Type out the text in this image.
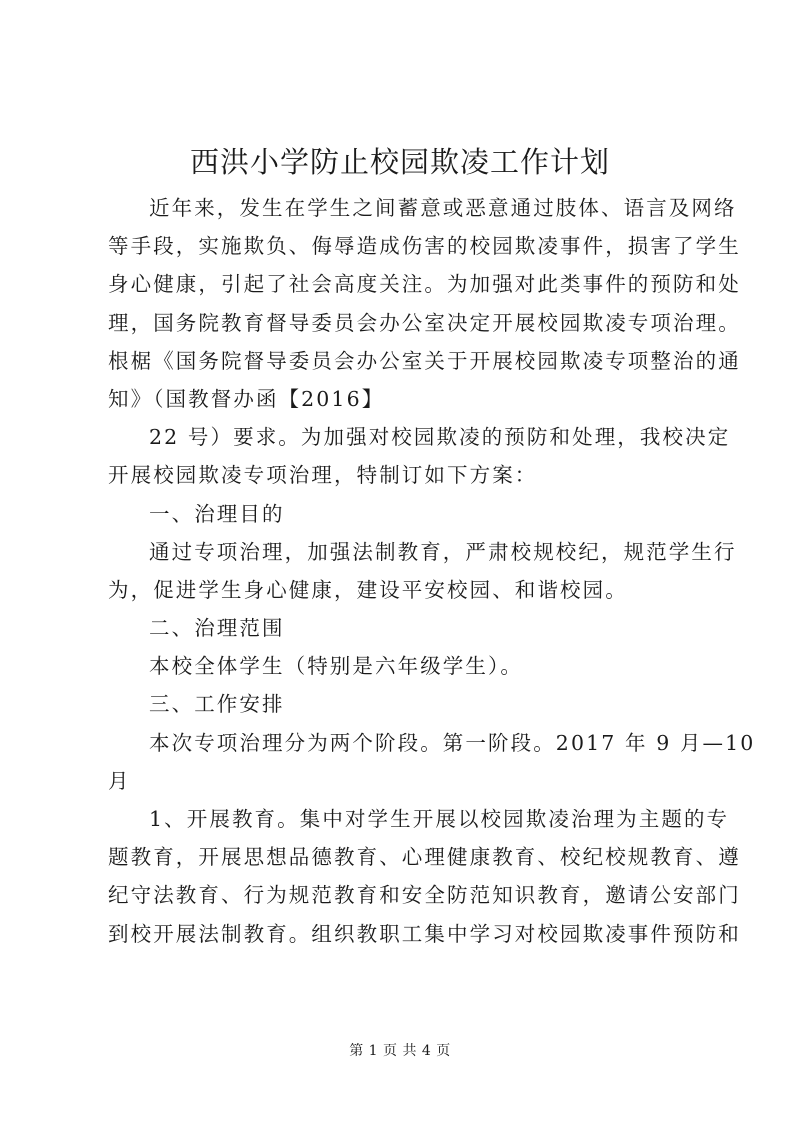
西洪小学防止校园欺凌工作计划

近年来，发生在学生之间蓄意或恶意通过肢体、语言及网络

等手段，实施欺负、侮辱造成伤害的校园欺凌事件，损害了学生

身心健康，引起了社会高度关注。为加强对此类事件的预防和处

理，国务院教育督导委员会办公室决定开展校园欺凌专项治理。

根椐《国务院督导委员会办公室关于开展校园欺凌专项整治的通

知》（国教督办函【2016】

22 号）要求。为加强对校园欺凌的预防和处理，我校决定

开展校园欺凌专项治理，特制订如下方案：

一、治理目的

通过专项治理，加强法制教育，严肃校规校纪，规范学生行

为，促进学生身心健康，建设平安校园、和谐校园。

二、治理范围

本校全体学生（特别是六年级学生）。

三、工作安排

本次专项治理分为两个阶段。第一阶段。2017 年 9 月—10

月

1、开展教育。集中对学生开展以校园欺凌治理为主题的专

题教育，开展思想品德教育、心理健康教育、校纪校规教育、遵

纪守法教育、行为规范教育和安全防范知识教育，邀请公安部门

到校开展法制教育。组织教职工集中学习对校园欺凌事件预防和

第 1 页 共 4 页
